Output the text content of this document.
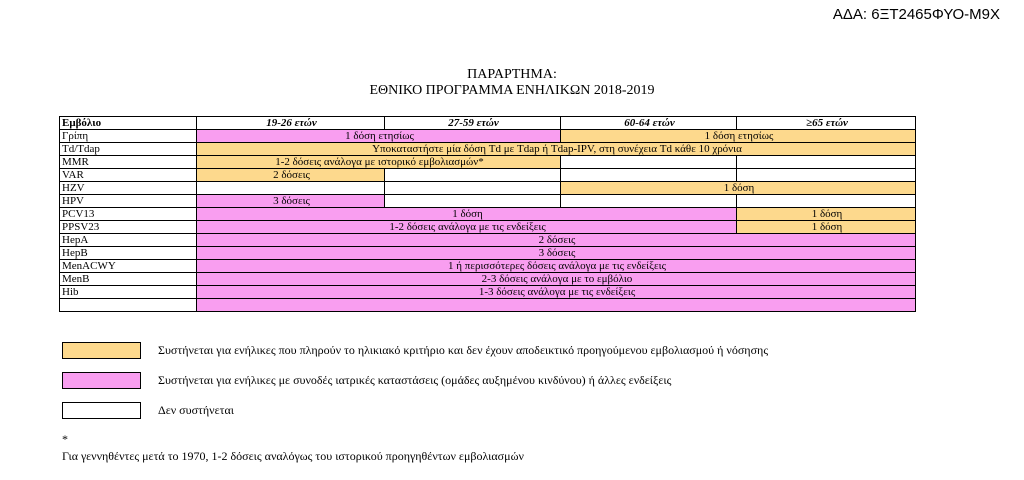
ΑΔΑ: 6ΞΤ2465ΦΥΟ-Μ9Χ
ΠΑΡΑΡΤΗΜΑ:
ΕΘΝΙΚΟ ΠΡΟΓΡΑΜΜΑ ΕΝΗΛΙΚΩΝ 2018-2019
Εμβόλιο	19-26 ετών	27-59 ετών	60-64 ετών	≥65 ετών
Γρίπη	1 δόση ετησίως		1 δόση ετησίως	
Td/Tdap	Υποκαταστήστε μία δόση Td με Tdap ή Tdap-IPV, στη συνέχεια Td κάθε 10 χρόνια			
MMR	1-2 δόσεις ανάλογα με ιστορικό εμβολιασμών*			
VAR	2 δόσεις			
HZV			1 δόση	
HPV	3 δόσεις			
PCV13	1 δόση			1 δόση
PPSV23	1-2 δόσεις ανάλογα με τις ενδείξεις			1 δόση
HepA	2 δόσεις			
HepB	3 δόσεις			
MenACWY	1 ή περισσότερες δόσεις ανάλογα με τις ενδείξεις			
MenB	2-3 δόσεις ανάλογα με το εμβόλιο			
Hib	1-3 δόσεις ανάλογα με τις ενδείξεις			

Συστήνεται για ενήλικες που πληρούν το ηλικιακό κριτήριο και δεν έχουν αποδεικτικό προηγούμενου εμβολιασμού ή νόσησης
Συστήνεται για ενήλικες με συνοδές ιατρικές καταστάσεις (ομάδες αυξημένου κινδύνου) ή άλλες ενδείξεις
Δεν συστήνεται
*
Για γεννηθέντες μετά το 1970, 1-2 δόσεις αναλόγως του ιστορικού προηγηθέντων εμβολιασμών
